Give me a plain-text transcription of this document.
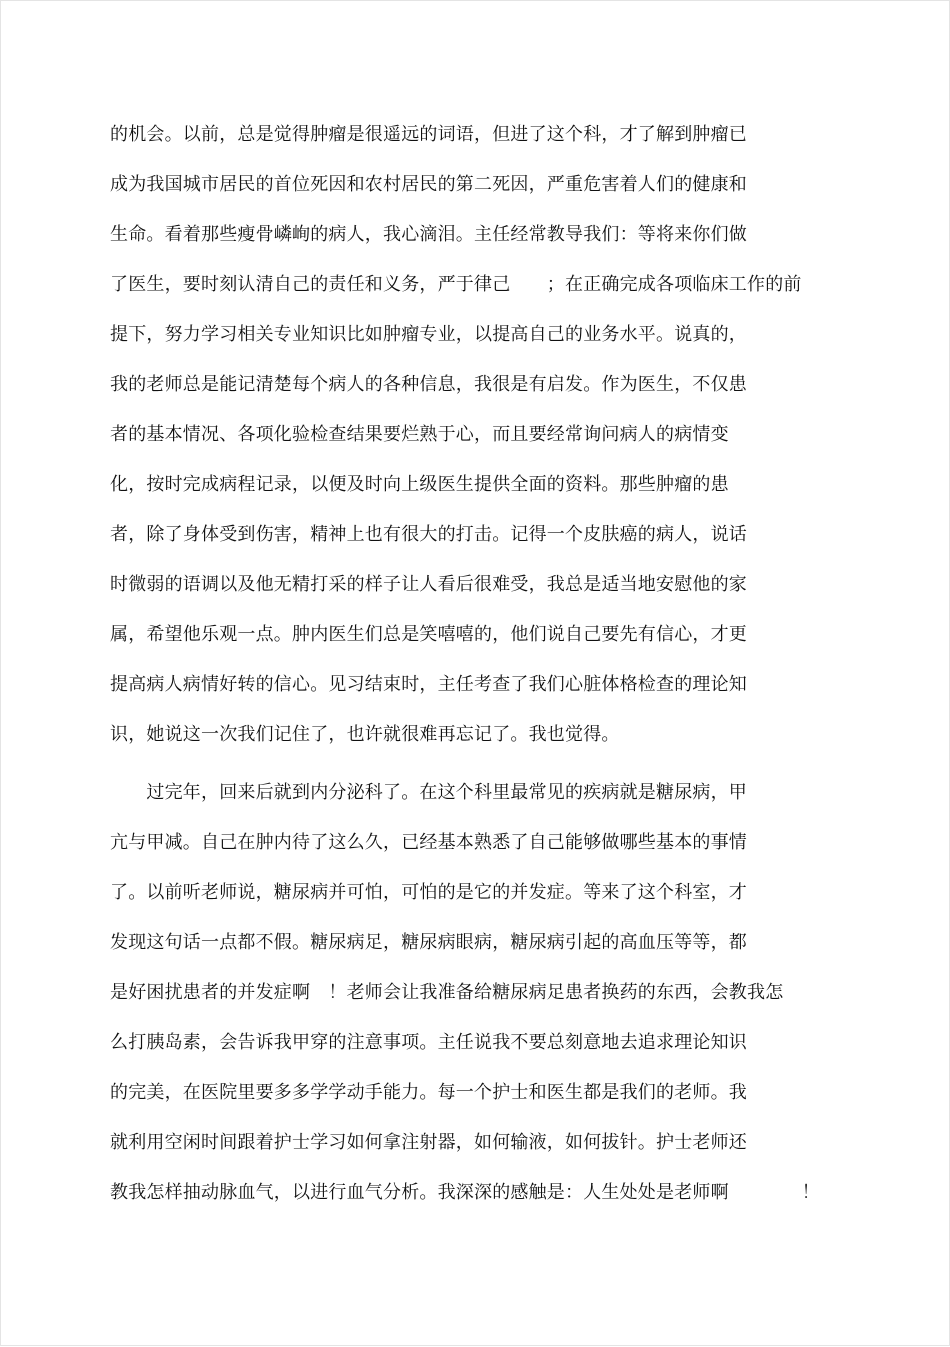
的机会。以前，总是觉得肿瘤是很遥远的词语，但进了这个科，才了解到肿瘤已
成为我国城市居民的首位死因和农村居民的第二死因，严重危害着人们的健康和
生命。看着那些瘦骨嶙峋的病人，我心滴泪。主任经常教导我们：等将来你们做
了医生，要时刻认清自己的责任和义务，严于律己　　；在正确完成各项临床工作的前
提下，努力学习相关专业知识比如肿瘤专业，以提高自己的业务水平。说真的，
我的老师总是能记清楚每个病人的各种信息，我很是有启发。作为医生，不仅患
者的基本情况、各项化验检查结果要烂熟于心，而且要经常询问病人的病情变
化，按时完成病程记录，以便及时向上级医生提供全面的资料。那些肿瘤的患
者，除了身体受到伤害，精神上也有很大的打击。记得一个皮肤癌的病人，说话
时微弱的语调以及他无精打采的样子让人看后很难受，我总是适当地安慰他的家
属，希望他乐观一点。肿内医生们总是笑嘻嘻的，他们说自己要先有信心，才更
提高病人病情好转的信心。见习结束时，主任考查了我们心脏体格检查的理论知
识，她说这一次我们记住了，也许就很难再忘记了。我也觉得。
　　过完年，回来后就到内分泌科了。在这个科里最常见的疾病就是糖尿病，甲
亢与甲减。自己在肿内待了这么久，已经基本熟悉了自己能够做哪些基本的事情
了。以前听老师说，糖尿病并可怕，可怕的是它的并发症。等来了这个科室，才
发现这句话一点都不假。糖尿病足，糖尿病眼病，糖尿病引起的高血压等等，都
是好困扰患者的并发症啊　！老师会让我准备给糖尿病足患者换药的东西，会教我怎
么打胰岛素，会告诉我甲穿的注意事项。主任说我不要总刻意地去追求理论知识
的完美，在医院里要多多学学动手能力。每一个护士和医生都是我们的老师。我
就利用空闲时间跟着护士学习如何拿注射器，如何输液，如何拔针。护士老师还
教我怎样抽动脉血气，以进行血气分析。我深深的感触是：人生处处是老师啊　　　　！
